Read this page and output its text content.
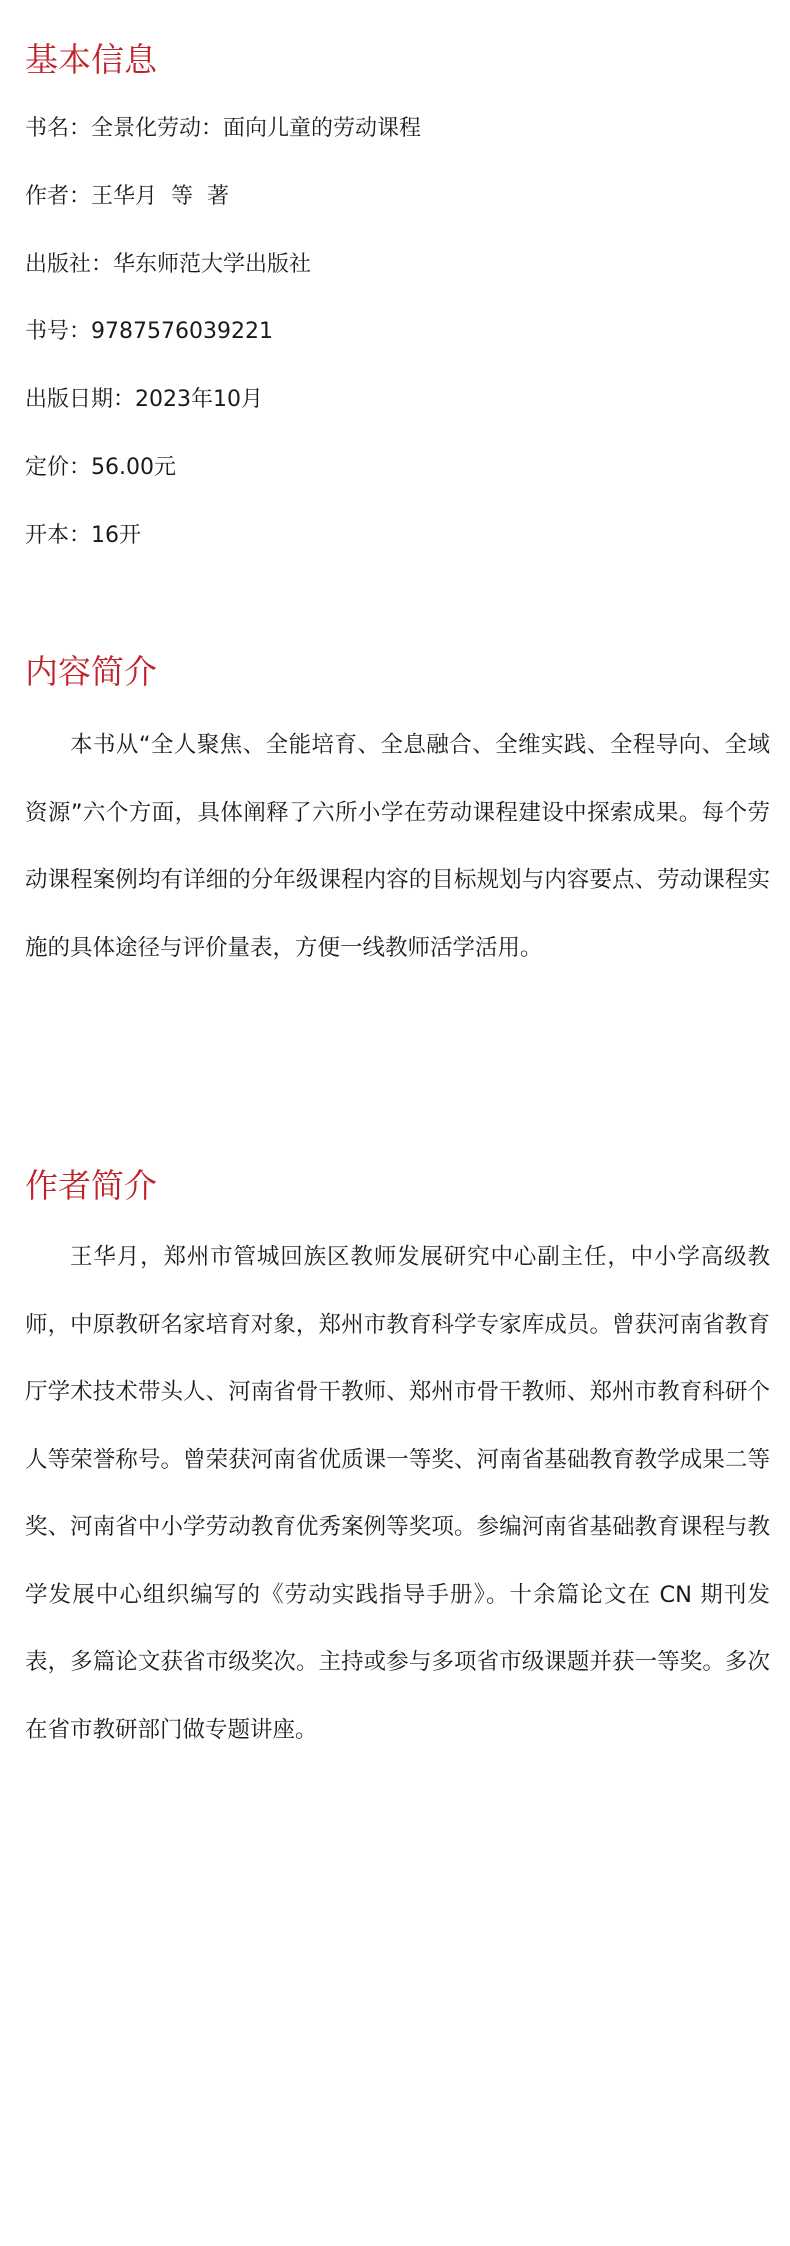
基本信息

书名：全景化劳动：面向儿童的劳动课程

作者：王华月  等  著

出版社：华东师范大学出版社

书号：9787576039221

出版日期：2023年10月

定价：56.00元

开本：16开

内容简介

本书从“全人聚焦、全能培育、全息融合、全维实践、全程导向、全域资源”六个方面，具体阐释了六所小学在劳动课程建设中探索成果。每个劳动课程案例均有详细的分年级课程内容的目标规划与内容要点、劳动课程实施的具体途径与评价量表，方便一线教师活学活用。

作者简介

王华月，郑州市管城回族区教师发展研究中心副主任，中小学高级教师，中原教研名家培育对象，郑州市教育科学专家库成员。曾获河南省教育厅学术技术带头人、河南省骨干教师、郑州市骨干教师、郑州市教育科研个人等荣誉称号。曾荣获河南省优质课一等奖、河南省基础教育教学成果二等奖、河南省中小学劳动教育优秀案例等奖项。参编河南省基础教育课程与教学发展中心组织编写的《劳动实践指导手册》。十余篇论文在 CN 期刊发表，多篇论文获省市级奖次。主持或参与多项省市级课题并获一等奖。多次在省市教研部门做专题讲座。
